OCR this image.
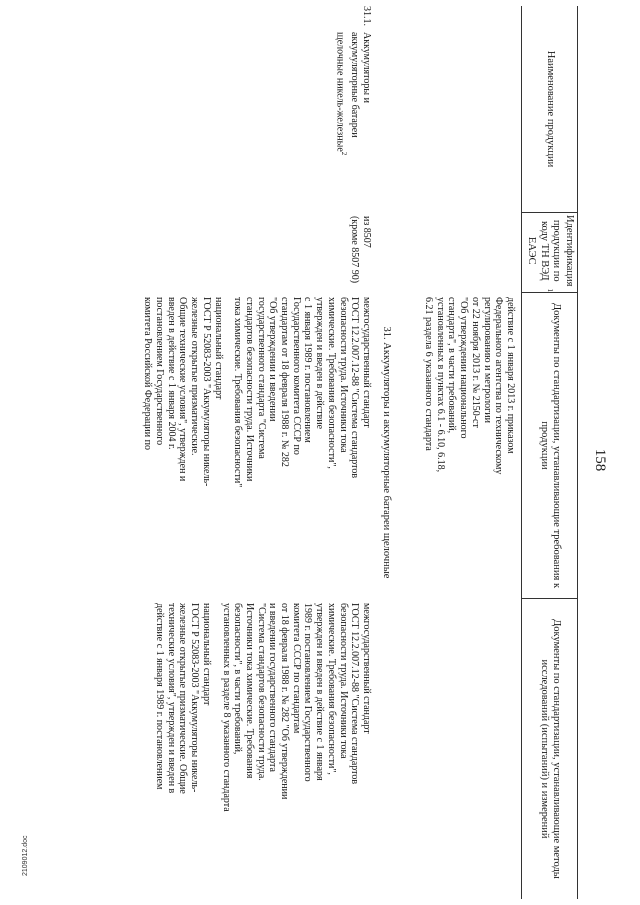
158
Наименование продукции
Идентификация продукции по коду ТН ВЭД ЕАЭС
1
Документы по стандартизации, устанавливающие требования к продукции
Документы по стандартизации, устанавливающие методы исследований (испытаний) и измерений

действие с 1 января 2013 г. приказом

Федерального агентства по техническому

регулированию и метрологии

от 22 ноября 2013 г. № 2150-ст

"Об утверждении национального

стандарта", в части требований,

установленных в пунктах 6.1 - 6.10, 6.18,

6.21 раздела 6 указанного стандарта

31. Аккумуляторы и аккумуляторные батареи щелочные

31.1.Аккумуляторы и

аккумуляторные батареи

щелочные никель-железные$^2$

из 8507

(кроме 8507 90)

межгосударственный стандарт

ГОСТ 12.2.007.12-88 "Система стандартов

безопасности труда. Источники тока

химические. Требования безопасности",

утвержден и введен в действие

с 1 января 1989 г. постановлением

Государственного комитета СССР по

стандартам от 18 февраля 1988 г. № 282

"Об утверждении и введении

государственного стандарта "Система

стандартов безопасности труда. Источники

тока химические. Требования безопасности"

национальный стандарт

ГОСТ Р 52083-2003 "Аккумуляторы никель-

железные открытые призматические.

Общие технические условия", утвержден и

введен в действие с 1 января 2004 г.

постановлением Государственного

комитета Российской Федерации по

межгосударственный стандарт

ГОСТ 12.2.007.12-88 "Система стандартов

безопасности труда. Источники тока

химические. Требования безопасности",

утвержден и введен в действие с 1 января

1989 г. постановлением Государственного

комитета СССР по стандартам

от 18 февраля 1988 г. № 282 "Об утверждении

и введении государственного стандарта

"Система стандартов безопасности труда.

Источники тока химические. Требования

безопасности", в части требований,

установленных в разделе 8 указанного стандарта

национальный стандарт

ГОСТ Р 52083-2003 "Аккумуляторы никель-

железные открытые призматические. Общие

технические условия", утвержден и введен в

действие с 1 января 1989 г. постановлением

2109012.doc
